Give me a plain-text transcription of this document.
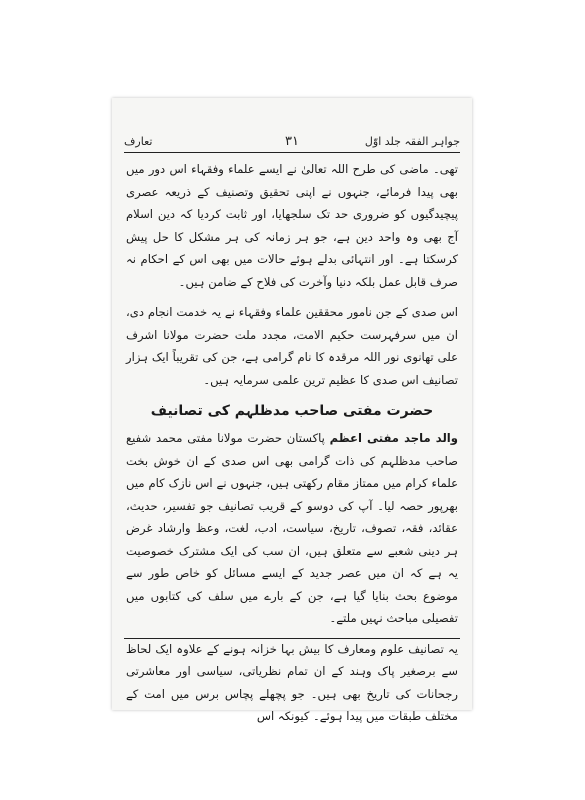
جواہر الفقہ جلد اوّل
۳۱
تعارف

تھی۔ ماضی کی طرح اللہ تعالیٰ نے ایسے علماء وفقہاء اس دور میں بھی پیدا فرمائے، جنہوں نے اپنی تحقیق وتصنیف کے ذریعہ عصری پیچیدگیوں کو ضروری حد تک سلجھایا، اور ثابت کردیا کہ دین اسلام آج بھی وہ واحد دین ہے، جو ہر زمانہ کی ہر مشکل کا حل پیش کرسکتا ہے۔ اور انتہائی بدلے ہوئے حالات میں بھی اس کے احکام نہ صرف قابل عمل بلکہ دنیا وآخرت کی فلاح کے ضامن ہیں۔

اس صدی کے جن نامور محققین علماء وفقہاء نے یہ خدمت انجام دی، ان میں سرفہرست حکیم الامت، مجدد ملت حضرت مولانا اشرف علی تھانوی نور اللہ مرقدہ کا نام گرامی ہے، جن کی تقریباً ایک ہزار تصانیف اس صدی کا عظیم ترین علمی سرمایہ ہیں۔

حضرت مفتی صاحب مدظلہم کی تصانیف

والد ماجد مفتی اعظم پاکستان حضرت مولانا مفتی محمد شفیع صاحب مدظلہم کی ذات گرامی بھی اس صدی کے ان خوش بخت علماء کرام میں ممتاز مقام رکھتی ہیں، جنہوں نے اس نازک کام میں بھرپور حصہ لیا۔ آپ کی دوسو کے قریب تصانیف جو تفسیر، حدیث، عقائد، فقہ، تصوف، تاریخ، سیاست، ادب، لغت، وعظ وارشاد غرض ہر دینی شعبے سے متعلق ہیں، ان سب کی ایک مشترک خصوصیت یہ ہے کہ ان میں عصر جدید کے ایسے مسائل کو خاص طور سے موضوع بحث بنایا گیا ہے، جن کے بارے میں سلف کی کتابوں میں تفصیلی مباحث نہیں ملتے۔

یہ تصانیف علوم ومعارف کا بیش بہا خزانہ ہونے کے علاوہ ایک لحاظ سے برصغیر پاک وہند کے ان تمام نظریاتی، سیاسی اور معاشرتی رجحانات کی تاریخ بھی ہیں۔ جو پچھلے پچاس برس میں امت کے مختلف طبقات میں پیدا ہوئے۔ کیونکہ اس
